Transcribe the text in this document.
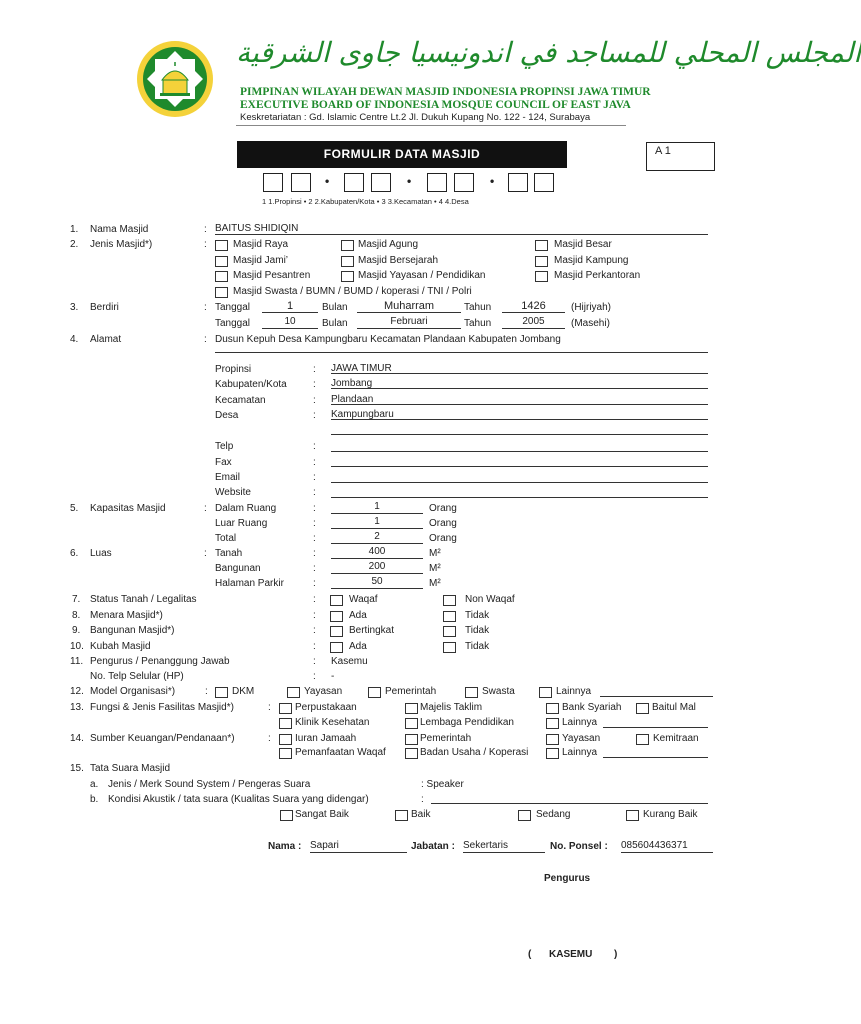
المجلس المحلي للمساجد في اندونيسيا جاوى الشرقية
PIMPINAN WILAYAH DEWAN MASJID INDONESIA PROPINSI JAWA TIMUR
EXECUTIVE BOARD OF INDONESIA MOSQUE COUNCIL OF EAST JAVA
Keskretariatan : Gd. Islamic Centre Lt.2 Jl. Dukuh Kupang No. 122 - 124, Surabaya
FORMULIR DATA MASJID	A 1
•	•	•
1 1.Propinsi • 2 2.Kabupaten/Kota • 3 3.Kecamatan • 4 4.Desa
1. Nama Masjid	: BAITUS SHIDIQIN
2. Jenis Masjid*)	:	Masjid Raya	Masjid Agung	Masjid Besar
Masjid Jami’	Masjid Bersejarah	Masjid Kampung
Masjid Pesantren	Masjid Yayasan / Pendidikan	Masjid Perkantoran
Masjid Swasta / BUMN / BUMD / koperasi / TNI / Polri
3. Berdiri	: Tanggal	1	Bulan	Muharram	Tahun	1426	(Hijriyah)
Tanggal	10	Bulan	Februari	Tahun	2005	(Masehi)
4. Alamat	: Dusun Kepuh Desa Kampungbaru Kecamatan Plandaan Kabupaten Jombang
Propinsi	: JAWA TIMUR
Kabupaten/Kota	: Jombang
Kecamatan	: Plandaan
Desa	: Kampungbaru
Telp	:
Fax	:
Email	:
Website	:
5. Kapasitas Masjid	: Dalam Ruang	:	1	Orang
Luar Ruang	:	1	Orang
Total	:	2	Orang
6. Luas	: Tanah	:	400	M²
Bangunan	:	200	M²
Halaman Parkir	:	50	M²
7. Status Tanah / Legalitas	:	Waqaf	Non Waqaf
8. Menara Masjid*)	:	Ada	Tidak
9. Bangunan Masjid*)	:	Bertingkat	Tidak
10. Kubah Masjid	:	Ada	Tidak
11. Pengurus / Penanggung Jawab	: Kasemu
No. Telp Selular (HP)	: -
12. Model Organisasi*)	: DKM	Yayasan	Pemerintah	Swasta	Lainnya
13. Fungsi & Jenis Fasilitas Masjid*)	: Perpustakaan	Majelis Taklim	Bank Syariah	Baitul Mal
Klinik Kesehatan	Lembaga Pendidikan	Lainnya
14. Sumber Keuangan/Pendanaan*)	: Iuran Jamaah	Pemerintah	Yayasan	Kemitraan
Pemanfaatan Waqaf	Badan Usaha / Koperasi	Lainnya
15. Tata Suara Masjid
a. Jenis / Merk Sound System / Pengeras Suara	: Speaker
b. Kondisi Akustik / tata suara (Kualitas Suara yang didengar)	:
Sangat Baik	Baik	Sedang	Kurang Baik
Nama : Sapari	Jabatan : Sekertaris	No. Ponsel : 085604436371
Pengurus
( KASEMU )
